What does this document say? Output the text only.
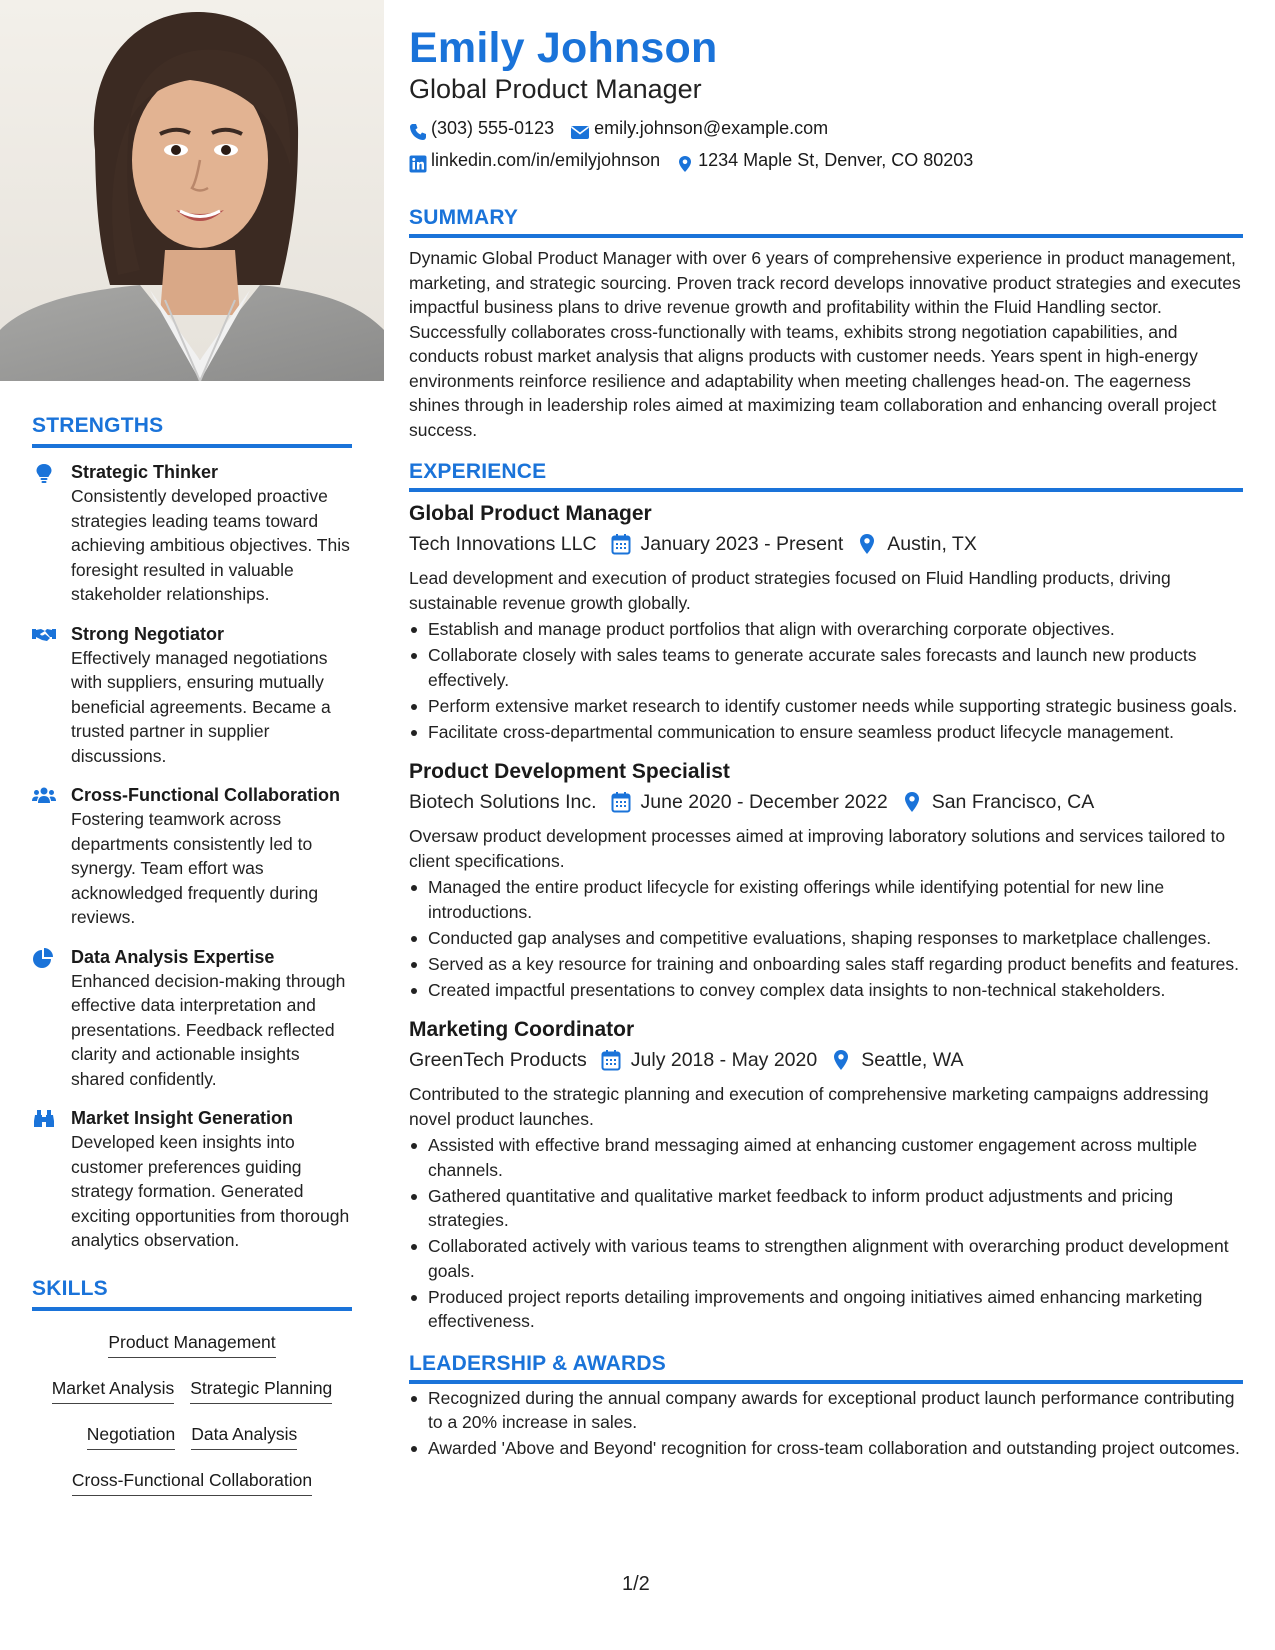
STRENGTHS
Strategic Thinker
Consistently developed proactive strategies leading teams toward achieving ambitious objectives. This foresight resulted in valuable stakeholder relationships.
Strong Negotiator
Effectively managed negotiations with suppliers, ensuring mutually beneficial agreements. Became a trusted partner in supplier discussions.
Cross-Functional Collaboration
Fostering teamwork across departments consistently led to synergy. Team effort was acknowledged frequently during reviews.
Data Analysis Expertise
Enhanced decision-making through effective data interpretation and presentations. Feedback reflected clarity and actionable insights shared confidently.
Market Insight Generation
Developed keen insights into customer preferences guiding strategy formation. Generated exciting opportunities from thorough analytics observation.
SKILLS
Product Management
Market Analysis Strategic Planning
Negotiation Data Analysis
Cross-Functional Collaboration
Emily Johnson
Global Product Manager
(303) 555-0123 emily.johnson@example.com
linkedin.com/in/emilyjohnson 1234 Maple St, Denver, CO 80203
SUMMARY
Dynamic Global Product Manager with over 6 years of comprehensive experience in product management, marketing, and strategic sourcing. Proven track record develops innovative product strategies and executes impactful business plans to drive revenue growth and profitability within the Fluid Handling sector. Successfully collaborates cross-functionally with teams, exhibits strong negotiation capabilities, and conducts robust market analysis that aligns products with customer needs. Years spent in high-energy environments reinforce resilience and adaptability when meeting challenges head-on. The eagerness shines through in leadership roles aimed at maximizing team collaboration and enhancing overall project success.
EXPERIENCE
Global Product Manager
Tech Innovations LLC January 2023 - Present Austin, TX
Lead development and execution of product strategies focused on Fluid Handling products, driving sustainable revenue growth globally.
Establish and manage product portfolios that align with overarching corporate objectives.
Collaborate closely with sales teams to generate accurate sales forecasts and launch new products effectively.
Perform extensive market research to identify customer needs while supporting strategic business goals.
Facilitate cross-departmental communication to ensure seamless product lifecycle management.
Product Development Specialist
Biotech Solutions Inc. June 2020 - December 2022 San Francisco, CA
Oversaw product development processes aimed at improving laboratory solutions and services tailored to client specifications.
Managed the entire product lifecycle for existing offerings while identifying potential for new line introductions.
Conducted gap analyses and competitive evaluations, shaping responses to marketplace challenges.
Served as a key resource for training and onboarding sales staff regarding product benefits and features.
Created impactful presentations to convey complex data insights to non-technical stakeholders.
Marketing Coordinator
GreenTech Products July 2018 - May 2020 Seattle, WA
Contributed to the strategic planning and execution of comprehensive marketing campaigns addressing novel product launches.
Assisted with effective brand messaging aimed at enhancing customer engagement across multiple channels.
Gathered quantitative and qualitative market feedback to inform product adjustments and pricing strategies.
Collaborated actively with various teams to strengthen alignment with overarching product development goals.
Produced project reports detailing improvements and ongoing initiatives aimed enhancing marketing effectiveness.
LEADERSHIP & AWARDS
Recognized during the annual company awards for exceptional product launch performance contributing to a 20% increase in sales.
Awarded 'Above and Beyond' recognition for cross-team collaboration and outstanding project outcomes.
1/2
